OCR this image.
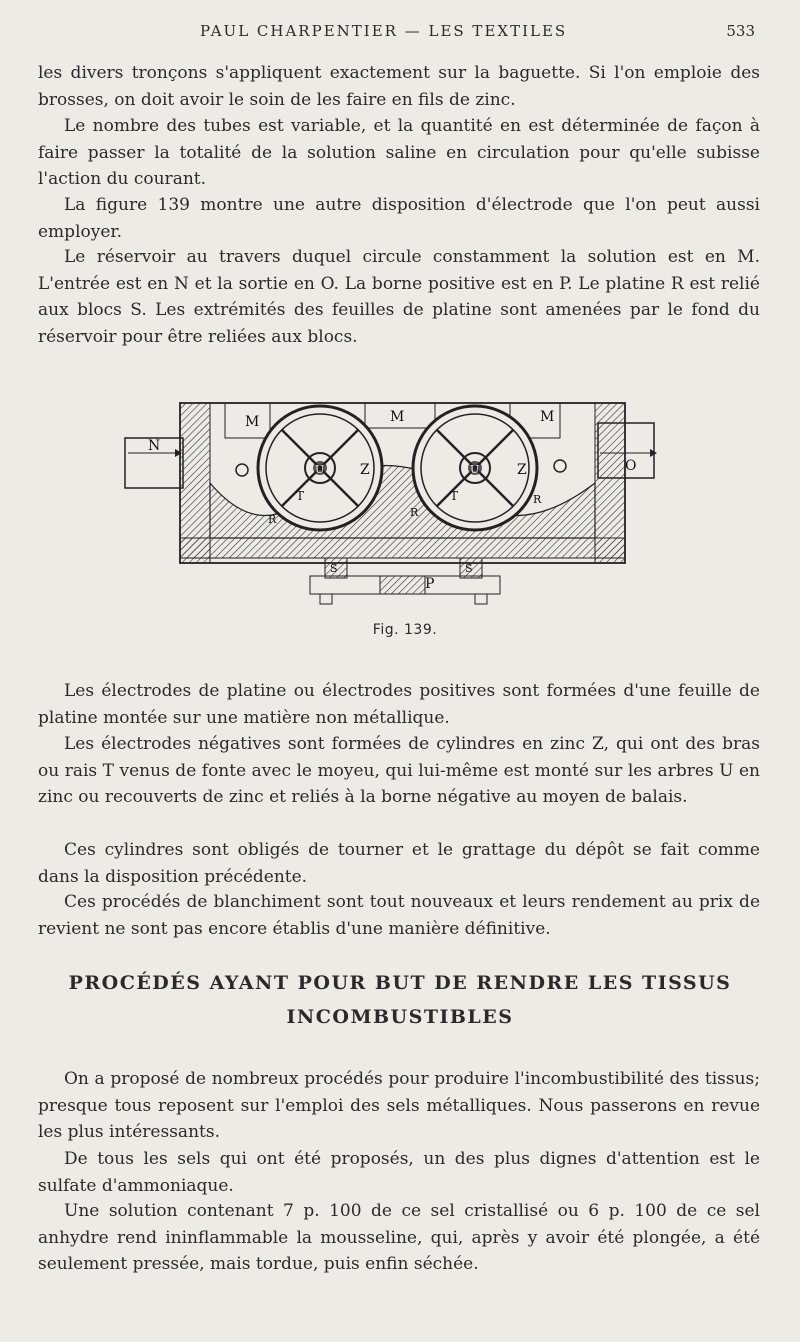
PAUL CHARPENTIER — LES TEXTILES	533

les divers tronçons s'appliquent exactement sur la baguette. Si l'on emploie des brosses, on doit avoir le soin de les faire en fils de zinc.

Le nombre des tubes est variable, et la quantité en est déterminée de façon à faire passer la totalité de la solution saline en circulation pour qu'elle subisse l'action du courant.

La figure 139 montre une autre disposition d'électrode que l'on peut aussi employer.

Le réservoir au travers duquel circule constamment la solution est en M. L'entrée est en N et la sortie en O. La borne positive est en P. Le platine R est relié aux blocs S. Les extrémités des feuilles de platine sont amenées par le fond du réservoir pour être reliées aux blocs.

M	M	M
N
O
P
R
R
R
S	S
T	T
U	U
Z	Z
Fig. 139.

Les électrodes de platine ou électrodes positives sont formées d'une feuille de platine montée sur une matière non métallique.

Les électrodes négatives sont formées de cylindres en zinc Z, qui ont des bras ou rais T venus de fonte avec le moyeu, qui lui-même est monté sur les arbres U en zinc ou recouverts de zinc et reliés à la borne négative au moyen de balais.

Ces cylindres sont obligés de tourner et le grattage du dépôt se fait comme dans la disposition précédente.

Ces procédés de blanchiment sont tout nouveaux et leurs rendement au prix de revient ne sont pas encore établis d'une manière définitive.

PROCÉDÉS AYANT POUR BUT DE RENDRE LES TISSUS
INCOMBUSTIBLES

On a proposé de nombreux procédés pour produire l'incombustibilité des tissus; presque tous reposent sur l'emploi des sels métalliques. Nous passerons en revue les plus intéressants.

De tous les sels qui ont été proposés, un des plus dignes d'attention est le sulfate d'ammoniaque.

Une solution contenant 7 p. 100 de ce sel cristallisé ou 6 p. 100 de ce sel anhydre rend ininflammable la mousseline, qui, après y avoir été plongée, a été seulement pressée, mais tordue, puis enfin séchée.
